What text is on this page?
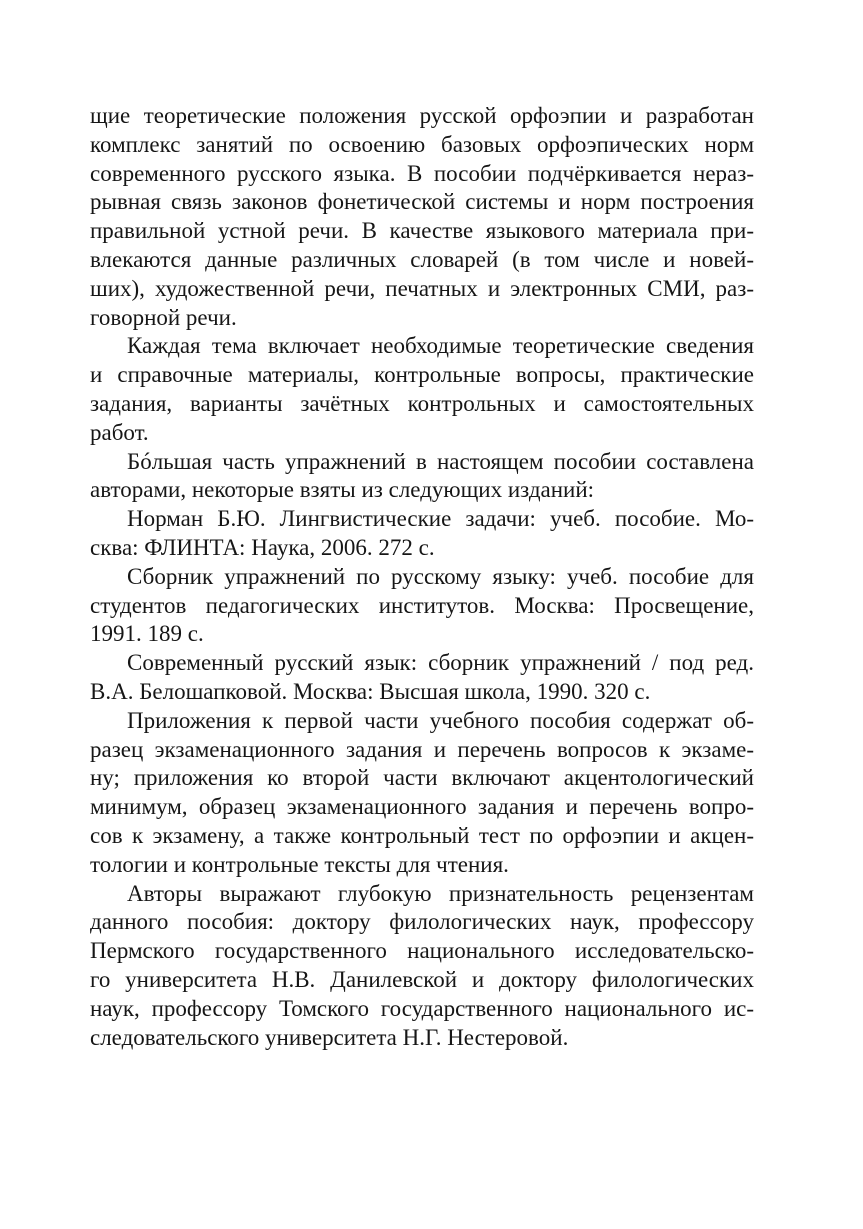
щие теоретические положения русской орфоэпии и разработан
комплекс занятий по освоению базовых орфоэпических норм
современного русского языка. В пособии подчёркивается нераз-
рывная связь законов фонетической системы и норм построения
правильной устной речи. В качестве языкового материала при-
влекаются данные различных словарей (в том числе и новей-
ших), художественной речи, печатных и электронных СМИ, раз-
говорной речи.
Каждая тема включает необходимые теоретические сведения
и справочные материалы, контрольные вопросы, практические
задания, варианты зачётных контрольных и самостоятельных
работ.
Бóльшая часть упражнений в настоящем пособии составлена
авторами, некоторые взяты из следующих изданий:
Норман Б.Ю. Лингвистические задачи: учеб. пособие. Мо-
сква: ФЛИНТА: Наука, 2006. 272 с.
Сборник упражнений по русскому языку: учеб. пособие для
студентов педагогических институтов. Москва: Просвещение,
1991. 189 с.
Современный русский язык: сборник упражнений / под ред.
В.А. Белошапковой. Москва: Высшая школа, 1990. 320 с.
Приложения к первой части учебного пособия содержат об-
разец экзаменационного задания и перечень вопросов к экзаме-
ну; приложения ко второй части включают акцентологический
минимум, образец экзаменационного задания и перечень вопро-
сов к экзамену, а также контрольный тест по орфоэпии и акцен-
тологии и контрольные тексты для чтения.
Авторы выражают глубокую признательность рецензентам
данного пособия: доктору филологических наук, профессору
Пермского государственного национального исследовательско-
го университета Н.В. Данилевской и доктору филологических
наук, профессору Томского государственного национального ис-
следовательского университета Н.Г. Нестеровой.
